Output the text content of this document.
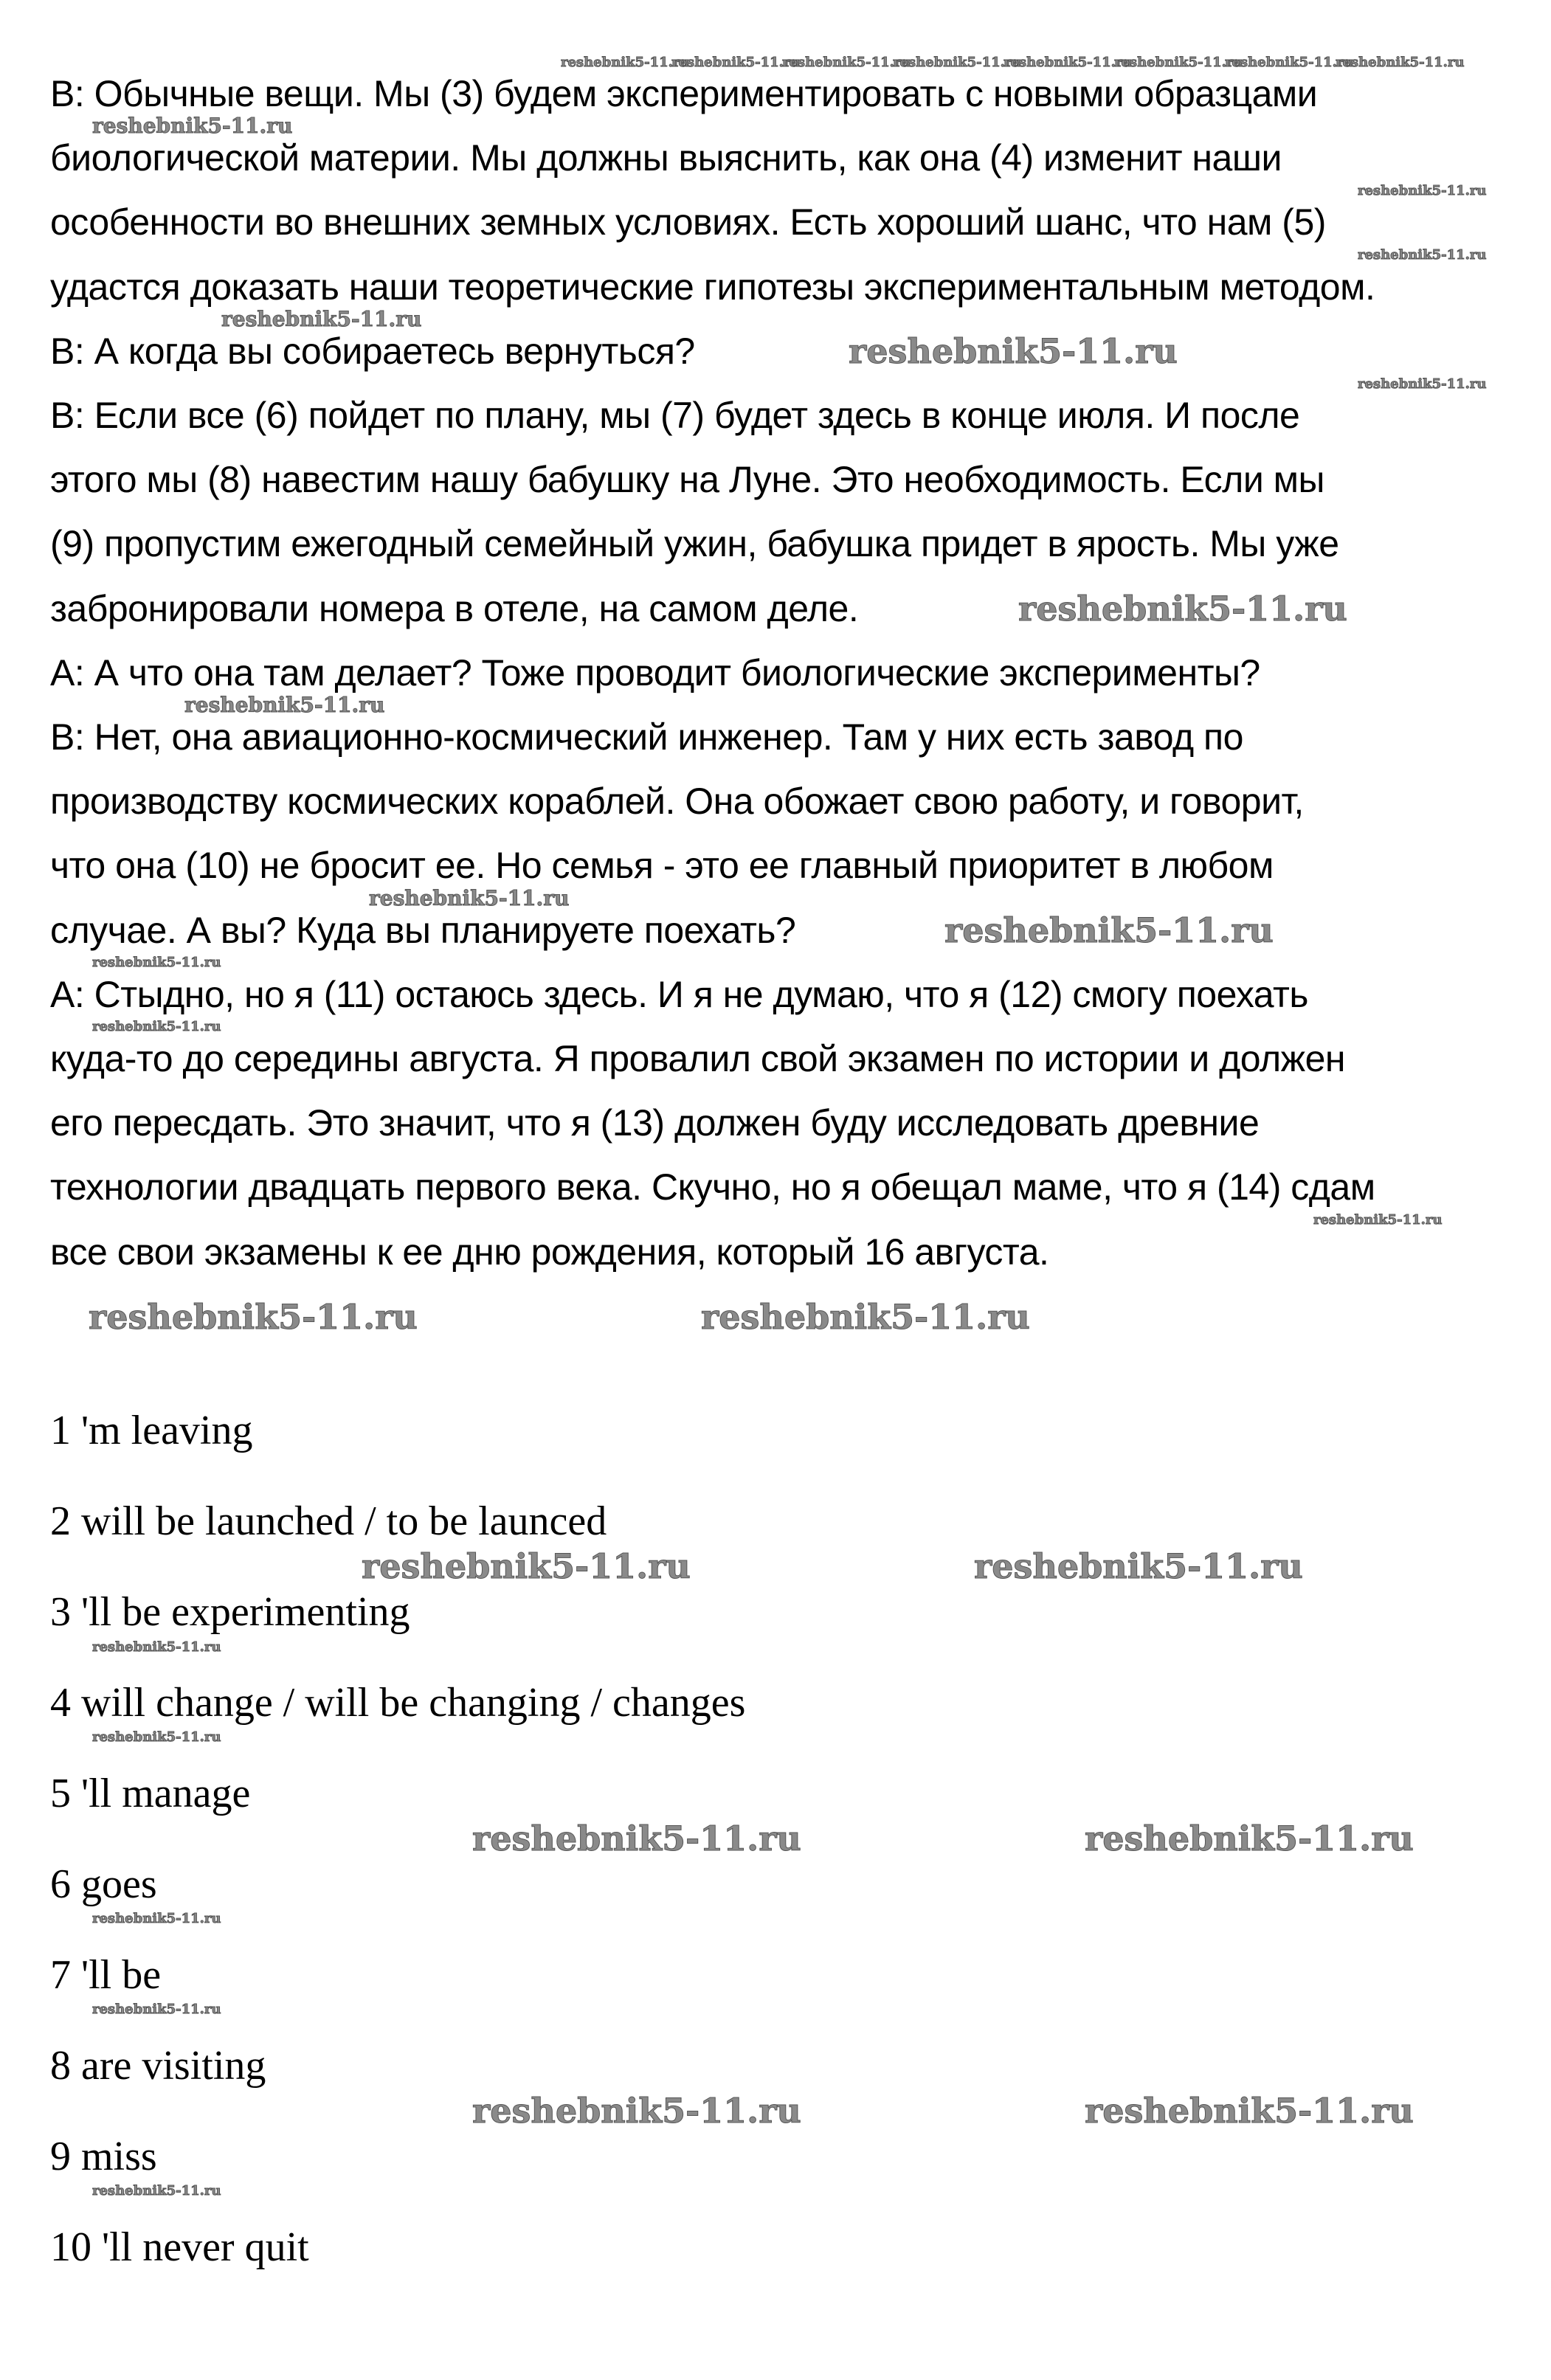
В: Обычные вещи. Мы (3) будем экспериментировать с новыми образцами
биологической материи. Мы должны выяснить, как она (4) изменит наши
особенности во внешних земных условиях. Есть хороший шанс, что нам (5)
удастся доказать наши теоретические гипотезы экспериментальным методом.
В: А когда вы собираетесь вернуться?
В: Если все (6) пойдет по плану, мы (7) будет здесь в конце июля. И после
этого мы (8) навестим нашу бабушку на Луне. Это необходимость. Если мы
(9) пропустим ежегодный семейный ужин, бабушка придет в ярость. Мы уже
забронировали номера в отеле, на самом деле.
А: А что она там делает? Тоже проводит биологические эксперименты?
В: Нет, она авиационно-космический инженер. Там у них есть завод по
производству космических кораблей. Она обожает свою работу, и говорит,
что она (10) не бросит ее. Но семья - это ее главный приоритет в любом
случае. А вы? Куда вы планируете поехать?
А: Стыдно, но я (11) остаюсь здесь. И я не думаю, что я (12) смогу поехать
куда-то до середины августа. Я провалил свой экзамен по истории и должен
его пересдать. Это значит, что я (13) должен буду исследовать древние
технологии двадцать первого века. Скучно, но я обещал маме, что я (14) сдам
все свои экзамены к ее дню рождения, который 16 августа.
1 'm leaving
2 will be launched / to be launced
3 'll be experimenting
4 will change / will be changing / changes
5 'll manage
6 goes
7 'll be
8 are visiting
9 miss
10 'll never quit
reshebnik5-11.ru
reshebnik5-11.ru
reshebnik5-11.ru
reshebnik5-11.ru
reshebnik5-11.ru
reshebnik5-11.ru
reshebnik5-11.ru
reshebnik5-11.ru
reshebnik5-11.ru
reshebnik5-11.ru
reshebnik5-11.ru
reshebnik5-11.ru
reshebnik5-11.ru
reshebnik5-11.ru	reshebnik5-11.ru
reshebnik5-11.ru	reshebnik5-11.ru
reshebnik5-11.ru	reshebnik5-11.ru
reshebnik5-11.ru	reshebnik5-11.ru
reshebnik5-11.ru
reshebnik5-11.ru
reshebnik5-11.ru
reshebnik5-11.ru
reshebnik5-11.ru
reshebnik5-11.ru
reshebnik5-11.ru
reshebnik5-11.ru
reshebnik5-11.ru
reshebnik5-11.ru
reshebnik5-11.ru
reshebnik5-11.ru
reshebnik5-11.ru
